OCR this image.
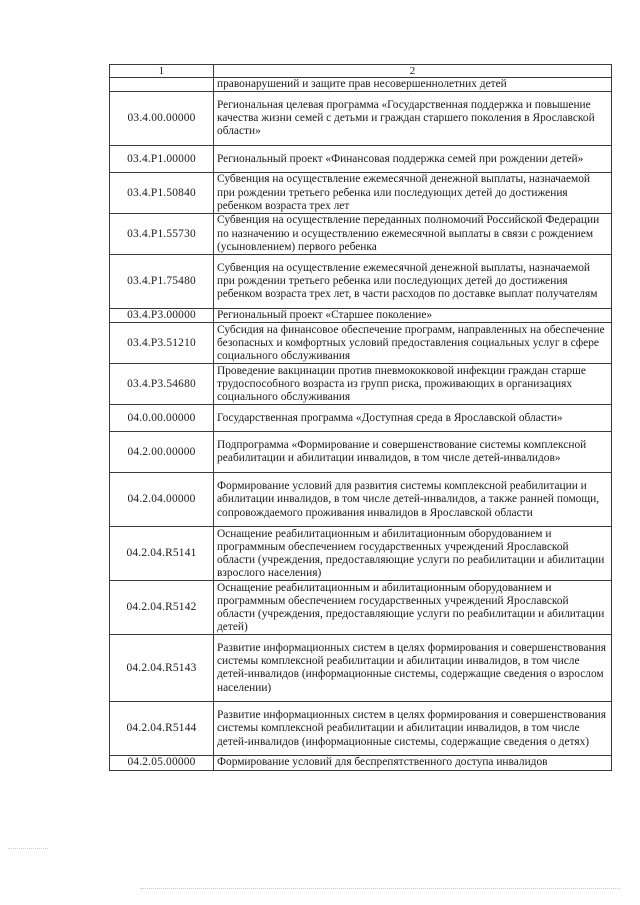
1	2
	правонарушений и защите прав несовершеннолетних детей
03.4.00.00000	Региональная целевая программа «Государственная поддержка и повышение качества жизни семей с детьми и граждан старшего поколения в Ярославской области»
03.4.P1.00000	Региональный проект «Финансовая поддержка семей при рождении детей»
03.4.P1.50840	Субвенция на осуществление ежемесячной денежной выплаты, назначаемой при рождении третьего ребенка или последующих детей до достижения ребенком возраста трех лет
03.4.P1.55730	Субвенция на осуществление переданных полномочий Российской Федерации по назначению и осуществлению ежемесячной выплаты в связи с рождением (усыновлением) первого ребенка
03.4.P1.75480	Субвенция на осуществление ежемесячной денежной выплаты, назначаемой при рождении третьего ребенка или последующих детей до достижения ребенком возраста трех лет, в части расходов по доставке выплат получателям
03.4.P3.00000	Региональный проект «Старшее поколение»
03.4.P3.51210	Субсидия на финансовое обеспечение программ, направленных на обеспечение безопасных и комфортных условий предоставления социальных услуг в сфере социального обслуживания
03.4.P3.54680	Проведение вакцинации против пневмококковой инфекции граждан старше трудоспособного возраста из групп риска, проживающих в организациях социального обслуживания
04.0.00.00000	Государственная программа «Доступная среда в Ярославской области»
04.2.00.00000	Подпрограмма «Формирование и совершенствование системы комплексной реабилитации и абилитации инвалидов, в том числе детей-инвалидов»
04.2.04.00000	Формирование условий для развития системы комплексной реабилитации и абилитации инвалидов, в том числе детей-инвалидов, а также ранней помощи, сопровождаемого проживания инвалидов в Ярославской области
04.2.04.R5141	Оснащение реабилитационным и абилитационным оборудованием и программным обеспечением государственных учреждений Ярославской области (учреждения, предоставляющие услуги по реабилитации и абилитации взрослого населения)
04.2.04.R5142	Оснащение реабилитационным и абилитационным оборудованием и программным обеспечением государственных учреждений Ярославской области (учреждения, предоставляющие услуги по реабилитации и абилитации детей)
04.2.04.R5143	Развитие информационных систем в целях формирования и совершенствования системы комплексной реабилитации и абилитации инвалидов, в том числе детей-инвалидов (информационные системы, содержащие сведения о взрослом населении)
04.2.04.R5144	Развитие информационных систем в целях формирования и совершенствования системы комплексной реабилитации и абилитации инвалидов, в том числе детей-инвалидов (информационные системы, содержащие сведения о детях)
04.2.05.00000	Формирование условий для беспрепятственного доступа инвалидов
